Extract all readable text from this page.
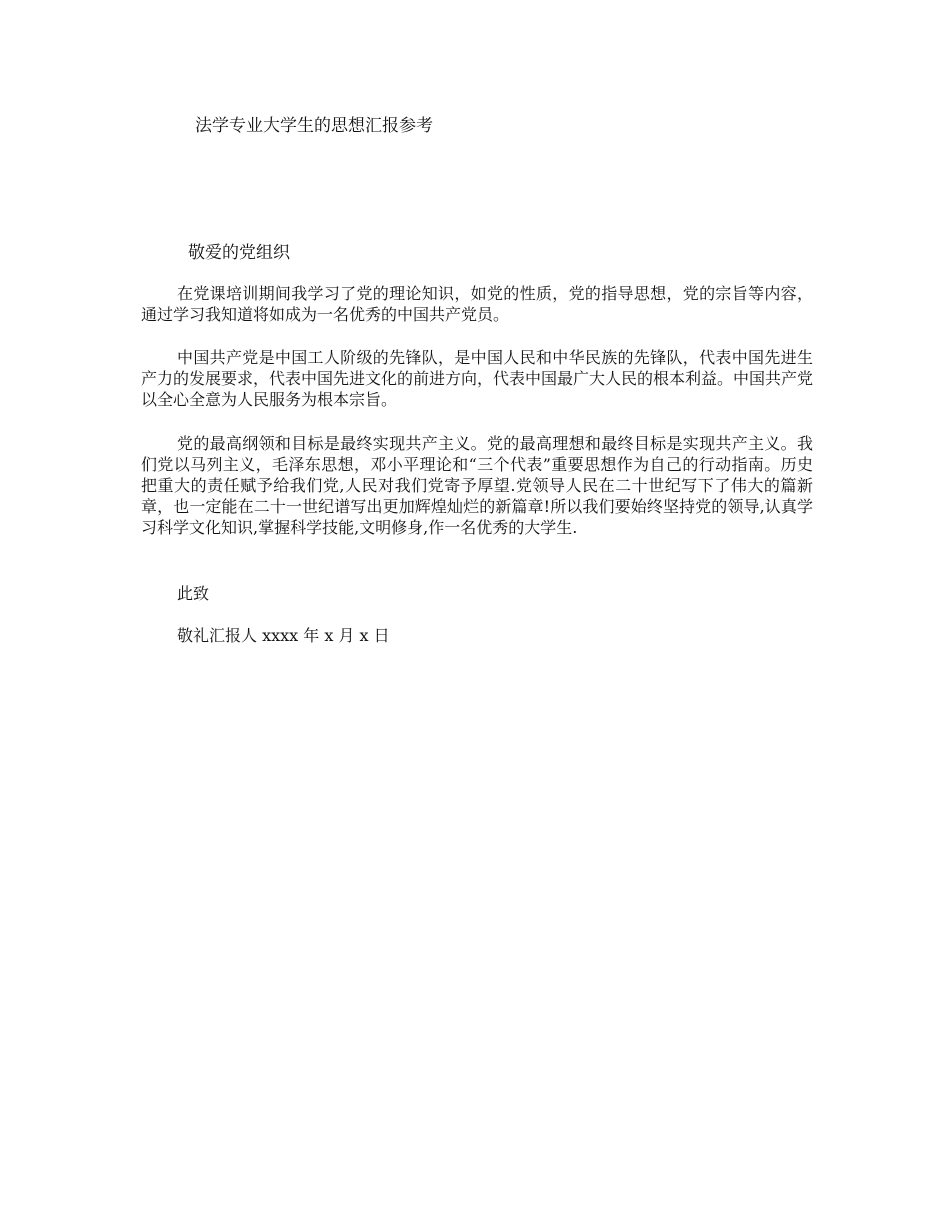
法学专业大学生的思想汇报参考

敬爱的党组织

在党课培训期间我学习了党的理论知识，如党的性质，党的指导思想，党的宗旨等内容，通过学习我知道将如成为一名优秀的中国共产党员。

中国共产党是中国工人阶级的先锋队，是中国人民和中华民族的先锋队，代表中国先进生产力的发展要求，代表中国先进文化的前进方向，代表中国最广大人民的根本利益。中国共产党以全心全意为人民服务为根本宗旨。

党的最高纲领和目标是最终实现共产主义。党的最高理想和最终目标是实现共产主义。我们党以马列主义，毛泽东思想，邓小平理论和“三个代表”重要思想作为自己的行动指南。历史把重大的责任赋予给我们党,人民对我们党寄予厚望.党领导人民在二十世纪写下了伟大的篇新章，也一定能在二十一世纪谱写出更加辉煌灿烂的新篇章!所以我们要始终坚持党的领导,认真学习科学文化知识,掌握科学技能,文明修身,作一名优秀的大学生.

此致

敬礼汇报人 xxxx 年 x 月 x 日
